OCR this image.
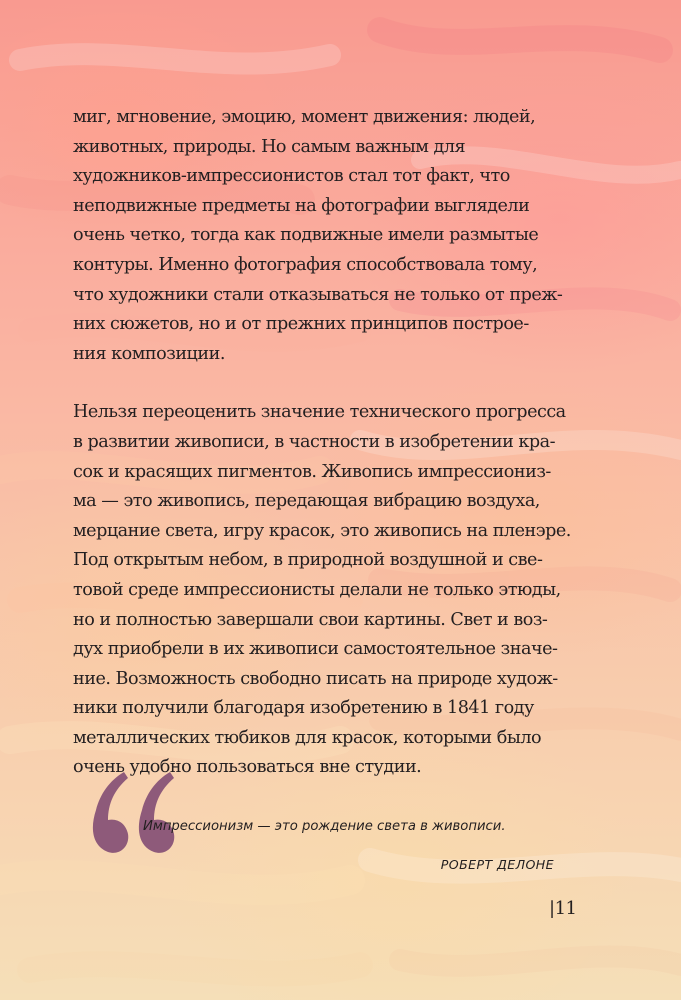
миг, мгновение, эмоцию, момент движения: людей,
животных, природы. Но самым важным для
художников-импрессионистов стал тот факт, что
неподвижные предметы на фотографии выглядели
очень четко, тогда как подвижные имели размытые
контуры. Именно фотография способствовала тому,
что художники стали отказываться не только от преж-
них сюжетов, но и от прежних принципов построе-
ния композиции.
Нельзя переоценить значение технического прогресса
в развитии живописи, в частности в изобретении кра-
сок и красящих пигментов. Живопись импрессиониз-
ма — это живопись, передающая вибрацию воздуха,
мерцание света, игру красок, это живопись на пленэре.
Под открытым небом, в природной воздушной и све-
товой среде импрессионисты делали не только этюды,
но и полностью завершали свои картины. Свет и воз-
дух приобрели в их живописи самостоятельное значе-
ние. Возможность свободно писать на природе худож-
ники получили благодаря изобретению в 1841 году
металлических тюбиков для красок, которыми было
очень удобно пользоваться вне студии.
Импрессионизм — это рождение света в живописи.
РОБЕРТ ДЕЛОНЕ
|11
